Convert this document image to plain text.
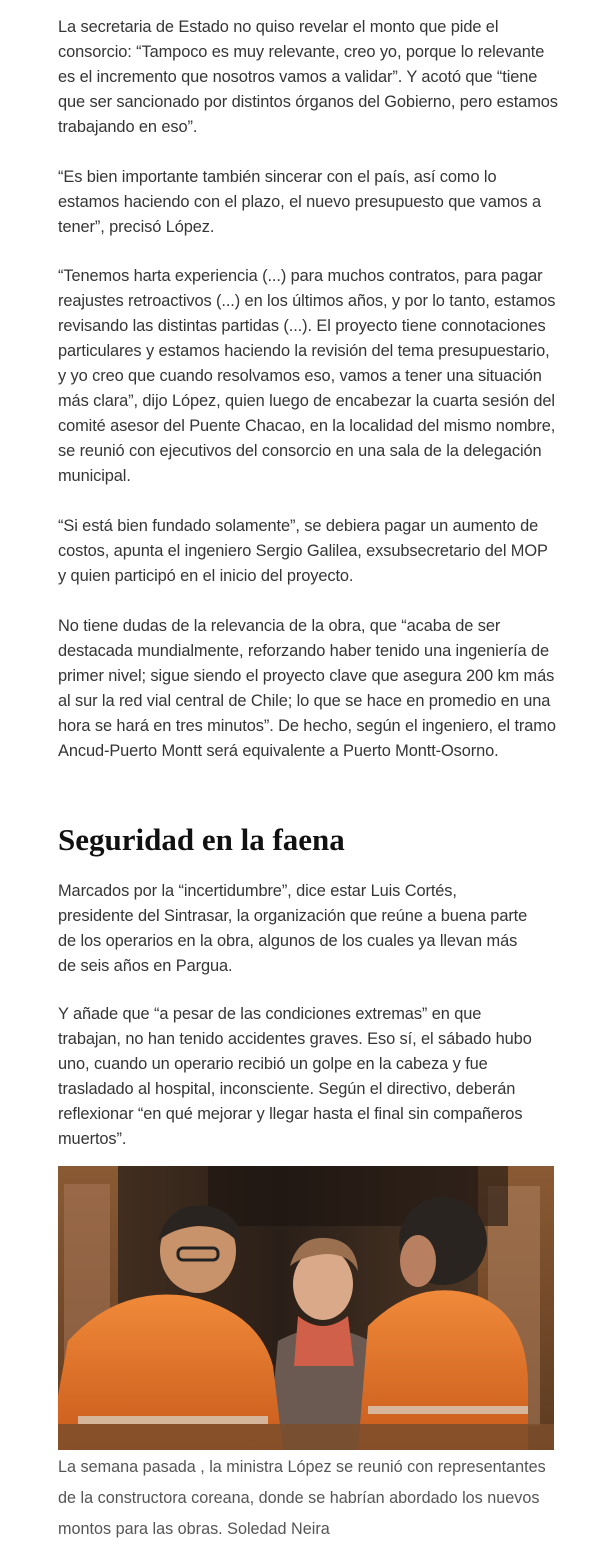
La secretaria de Estado no quiso revelar el monto que pide el consorcio: “Tampoco es muy relevante, creo yo, porque lo relevante es el incremento que nosotros vamos a validar”. Y acotó que “tiene que ser sancionado por distintos órganos del Gobierno, pero estamos trabajando en eso”.

“Es bien importante también sincerar con el país, así como lo estamos haciendo con el plazo, el nuevo presupuesto que vamos a tener”, precisó López.

“Tenemos harta experiencia (...) para muchos contratos, para pagar reajustes retroactivos (...) en los últimos años, y por lo tanto, estamos revisando las distintas partidas (...). El proyecto tiene connotaciones particulares y estamos haciendo la revisión del tema presupuestario, y yo creo que cuando resolvamos eso, vamos a tener una situación más clara”, dijo López, quien luego de encabezar la cuarta sesión del comité asesor del Puente Chacao, en la localidad del mismo nombre, se reunió con ejecutivos del consorcio en una sala de la delegación municipal.

“Si está bien fundado solamente”, se debiera pagar un aumento de costos, apunta el ingeniero Sergio Galilea, exsubsecretario del MOP y quien participó en el inicio del proyecto.

No tiene dudas de la relevancia de la obra, que “acaba de ser destacada mundialmente, reforzando haber tenido una ingeniería de primer nivel; sigue siendo el proyecto clave que asegura 200 km más al sur la red vial central de Chile; lo que se hace en promedio en una hora se hará en tres minutos”. De hecho, según el ingeniero, el tramo Ancud-Puerto Montt será equivalente a Puerto Montt-Osorno.

Seguridad en la faena

Marcados por la “incertidumbre”, dice estar Luis Cortés, presidente del Sintrasar, la organización que reúne a buena parte de los operarios en la obra, algunos de los cuales ya llevan más de seis años en Pargua.

Y añade que “a pesar de las condiciones extremas” en que trabajan, no han tenido accidentes graves. Eso sí, el sábado hubo uno, cuando un operario recibió un golpe en la cabeza y fue trasladado al hospital, inconsciente. Según el directivo, deberán reflexionar “en qué mejorar y llegar hasta el final sin compañeros muertos”.

La semana pasada , la ministra López se reunió con representantes de la constructora coreana, donde se habrían abordado los nuevos montos para las obras. Soledad Neira
